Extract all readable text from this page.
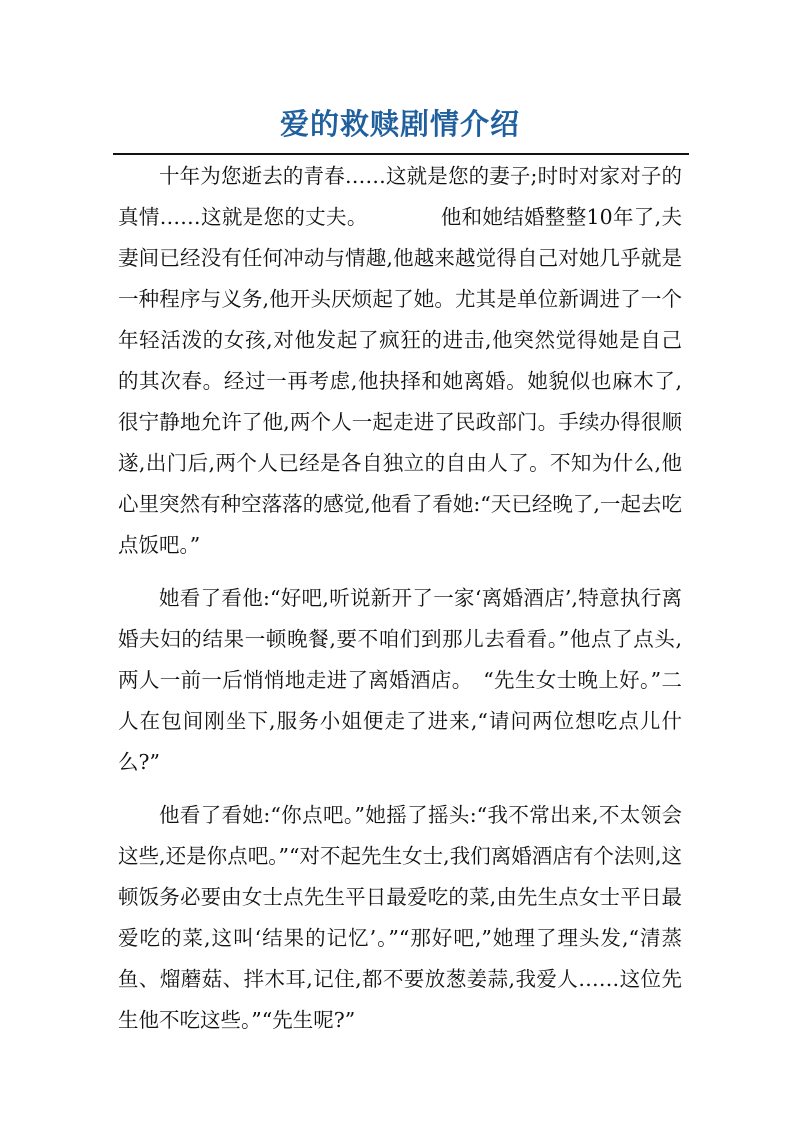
爱的救赎剧情介绍

十年为您逝去的青春……这就是您的妻子;时时对家对子的真情……这就是您的丈夫。　　　　他和她结婚整整10年了,夫妻间已经没有任何冲动与情趣,他越来越觉得自己对她几乎就是一种程序与义务,他开头厌烦起了她。尤其是单位新调进了一个年轻活泼的女孩,对他发起了疯狂的进击,他突然觉得她是自己的其次春。经过一再考虑,他抉择和她离婚。她貌似也麻木了,很宁静地允许了他,两个人一起走进了民政部门。手续办得很顺遂,出门后,两个人已经是各自独立的自由人了。不知为什么,他心里突然有种空落落的感觉,他看了看她:“天已经晚了,一起去吃点饭吧。”

她看了看他:“好吧,听说新开了一家‘离婚酒店’,特意执行离婚夫妇的结果一顿晚餐,要不咱们到那儿去看看。”他点了点头,两人一前一后悄悄地走进了离婚酒店。　“先生女士晚上好。”二人在包间刚坐下,服务小姐便走了进来,“请问两位想吃点儿什么?”

他看了看她:“你点吧。”她摇了摇头:“我不常出来,不太领会这些,还是你点吧。”“对不起先生女士,我们离婚酒店有个法则,这顿饭务必要由女士点先生平日最爱吃的菜,由先生点女士平日最爱吃的菜,这叫‘结果的记忆’。”“那好吧,”她理了理头发,“清蒸鱼、熘蘑菇、拌木耳,记住,都不要放葱姜蒜,我爱人……这位先生他不吃这些。”“先生呢?”
